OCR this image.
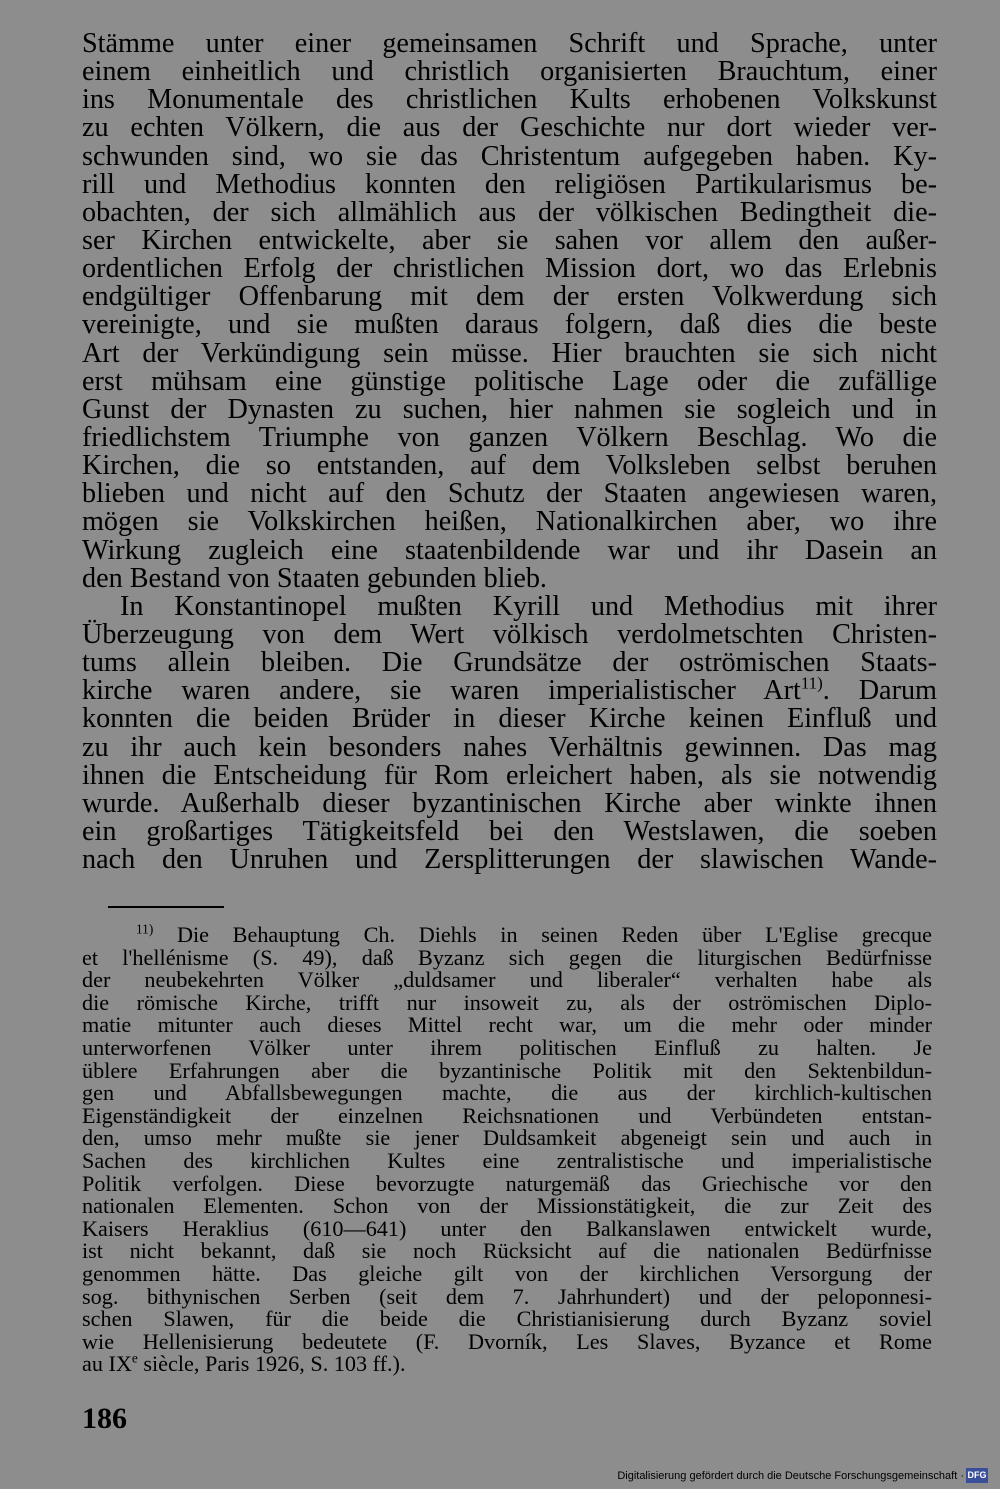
Stämme unter einer gemeinsamen Schrift und Sprache, unter
einem einheitlich und christlich organisierten Brauchtum, einer
ins Monumentale des christlichen Kults erhobenen Volkskunst
zu echten Völkern, die aus der Geschichte nur dort wieder ver-
schwunden sind, wo sie das Christentum aufgegeben haben. Ky-
rill und Methodius konnten den religiösen Partikularismus be-
obachten, der sich allmählich aus der völkischen Bedingtheit die-
ser Kirchen entwickelte, aber sie sahen vor allem den außer-
ordentlichen Erfolg der christlichen Mission dort, wo das Erlebnis
endgültiger Offenbarung mit dem der ersten Volkwerdung sich
vereinigte, und sie mußten daraus folgern, daß dies die beste
Art der Verkündigung sein müsse. Hier brauchten sie sich nicht
erst mühsam eine günstige politische Lage oder die zufällige
Gunst der Dynasten zu suchen, hier nahmen sie sogleich und in
friedlichstem Triumphe von ganzen Völkern Beschlag. Wo die
Kirchen, die so entstanden, auf dem Volksleben selbst beruhen
blieben und nicht auf den Schutz der Staaten angewiesen waren,
mögen sie Volkskirchen heißen, Nationalkirchen aber, wo ihre
Wirkung zugleich eine staatenbildende war und ihr Dasein an
den Bestand von Staaten gebunden blieb.
In Konstantinopel mußten Kyrill und Methodius mit ihrer
Überzeugung von dem Wert völkisch verdolmetschten Christen-
tums allein bleiben. Die Grundsätze der oströmischen Staats-
kirche waren andere, sie waren imperialistischer Art$^{11)}$. Darum
konnten die beiden Brüder in dieser Kirche keinen Einfluß und
zu ihr auch kein besonders nahes Verhältnis gewinnen. Das mag
ihnen die Entscheidung für Rom erleichert haben, als sie notwendig
wurde. Außerhalb dieser byzantinischen Kirche aber winkte ihnen
ein großartiges Tätigkeitsfeld bei den Westslawen, die soeben
nach den Unruhen und Zersplitterungen der slawischen Wande-
$^{11)}$ Die Behauptung Ch. Diehls in seinen Reden über L'Eglise grecque
et l'hellénisme (S. 49), daß Byzanz sich gegen die liturgischen Bedürfnisse
der neubekehrten Völker „duldsamer und liberaler“ verhalten habe als
die römische Kirche, trifft nur insoweit zu, als der oströmischen Diplo-
matie mitunter auch dieses Mittel recht war, um die mehr oder minder
unterworfenen Völker unter ihrem politischen Einfluß zu halten. Je
üblere Erfahrungen aber die byzantinische Politik mit den Sektenbildun-
gen und Abfallsbewegungen machte, die aus der kirchlich-kultischen
Eigenständigkeit der einzelnen Reichsnationen und Verbündeten entstan-
den, umso mehr mußte sie jener Duldsamkeit abgeneigt sein und auch in
Sachen des kirchlichen Kultes eine zentralistische und imperialistische
Politik verfolgen. Diese bevorzugte naturgemäß das Griechische vor den
nationalen Elementen. Schon von der Missionstätigkeit, die zur Zeit des
Kaisers Heraklius (610—641) unter den Balkanslawen entwickelt wurde,
ist nicht bekannt, daß sie noch Rücksicht auf die nationalen Bedürfnisse
genommen hätte. Das gleiche gilt von der kirchlichen Versorgung der
sog. bithynischen Serben (seit dem 7. Jahrhundert) und der peloponnesi-
schen Slawen, für die beide die Christianisierung durch Byzanz soviel
wie Hellenisierung bedeutete (F. Dvorník, Les Slaves, Byzance et Rome
au IXe siècle, Paris 1926, S. 103 ff.).
186
Digitalisierung gefördert durch die Deutsche Forschungsgemeinschaft · DFG
